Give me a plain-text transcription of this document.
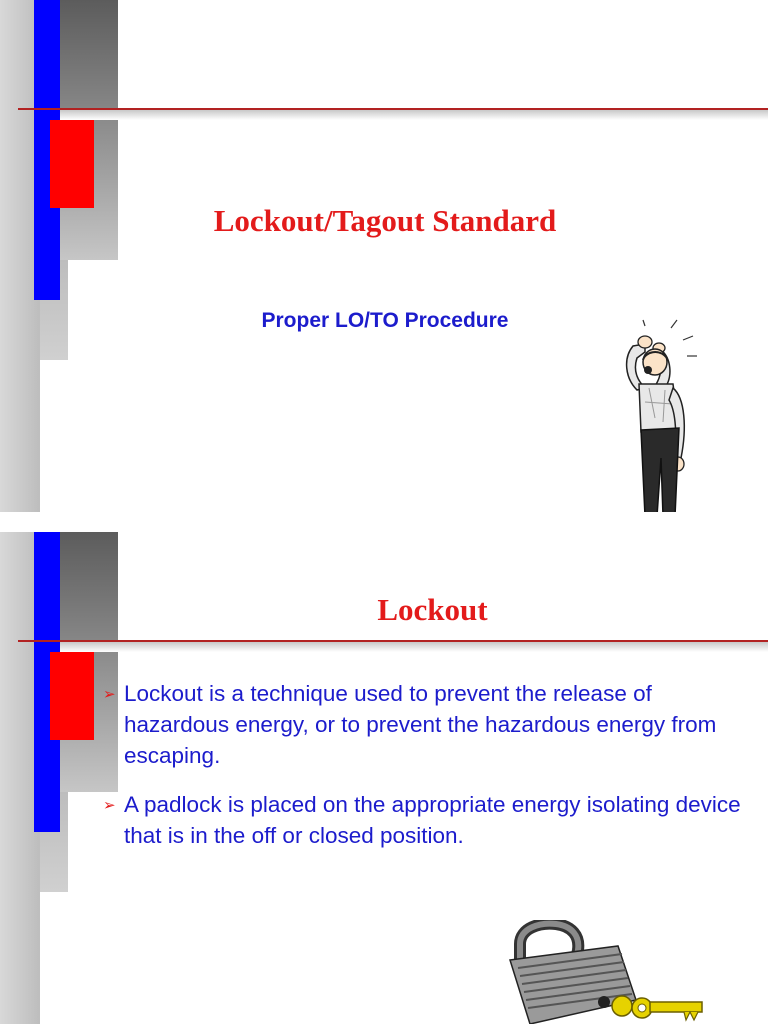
Lockout/Tagout Standard
Proper LO/TO Procedure
Lockout
➢ Lockout is a technique used to prevent the release of hazardous energy, or to prevent the hazardous energy from escaping.
➢ A padlock is placed on the appropriate energy isolating device that is in the off or closed position.
